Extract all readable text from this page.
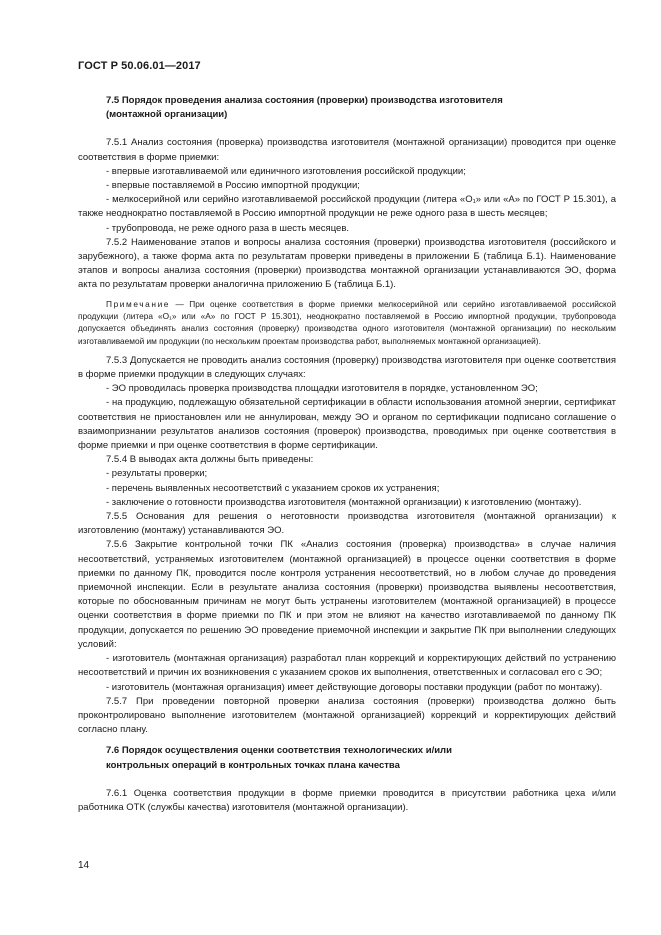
ГОСТ Р 50.06.01—2017

7.5 Порядок проведения анализа состояния (проверки) производства изготовителя
(монтажной организации)

7.5.1 Анализ состояния (проверка) производства изготовителя (монтажной организации) проводится при оценке соответствия в форме приемки:

- впервые изготавливаемой или единичного изготовления российской продукции;

- впервые поставляемой в Россию импортной продукции;

- мелкосерийной или серийно изготавливаемой российской продукции (литера «О₁» или «А» по ГОСТ Р 15.301), а также неоднократно поставляемой в Россию импортной продукции не реже одного раза в шесть месяцев;

- трубопровода, не реже одного раза в шесть месяцев.

7.5.2 Наименование этапов и вопросы анализа состояния (проверки) производства изготовителя (российского и зарубежного), а также форма акта по результатам проверки приведены в приложении Б (таблица Б.1). Наименование этапов и вопросы анализа состояния (проверки) производства монтажной организации устанавливаются ЭО, форма акта по результатам проверки аналогична приложению Б (таблица Б.1).

Примечание — При оценке соответствия в форме приемки мелкосерийной или серийно изготавливаемой российской продукции (литера «О₁» или «А» по ГОСТ Р 15.301), неоднократно поставляемой в Россию импортной продукции, трубопровода допускается объединять анализ состояния (проверку) производства одного изготовителя (монтажной организации) по нескольким изготавливаемой им продукции (по нескольким проектам производства работ, выполняемых монтажной организацией).

7.5.3 Допускается не проводить анализ состояния (проверку) производства изготовителя при оценке соответствия в форме приемки продукции в следующих случаях:

- ЭО проводилась проверка производства площадки изготовителя в порядке, установленном ЭО;

- на продукцию, подлежащую обязательной сертификации в области использования атомной энергии, сертификат соответствия не приостановлен или не аннулирован, между ЭО и органом по сертификации подписано соглашение о взаимопризнании результатов анализов состояния (проверок) производства, проводимых при оценке соответствия в форме приемки и при оценке соответствия в форме сертификации.

7.5.4 В выводах акта должны быть приведены:

- результаты проверки;

- перечень выявленных несоответствий с указанием сроков их устранения;

- заключение о готовности производства изготовителя (монтажной организации) к изготовлению (монтажу).

7.5.5 Основания для решения о неготовности производства изготовителя (монтажной организации) к изготовлению (монтажу) устанавливаются ЭО.

7.5.6 Закрытие контрольной точки ПК «Анализ состояния (проверка) производства» в случае наличия несоответствий, устраняемых изготовителем (монтажной организацией) в процессе оценки соответствия в форме приемки по данному ПК, проводится после контроля устранения несоответствий, но в любом случае до проведения приемочной инспекции. Если в результате анализа состояния (проверки) производства выявлены несоответствия, которые по обоснованным причинам не могут быть устранены изготовителем (монтажной организацией) в процессе оценки соответствия в форме приемки по ПК и при этом не влияют на качество изготавливаемой по данному ПК продукции, допускается по решению ЭО проведение приемочной инспекции и закрытие ПК при выполнении следующих условий:

- изготовитель (монтажная организация) разработал план коррекций и корректирующих действий по устранению несоответствий и причин их возникновения с указанием сроков их выполнения, ответственных и согласовал его с ЭО;

- изготовитель (монтажная организация) имеет действующие договоры поставки продукции (работ по монтажу).

7.5.7 При проведении повторной проверки анализа состояния (проверки) производства должно быть проконтролировано выполнение изготовителем (монтажной организацией) коррекций и корректирующих действий согласно плану.

7.6 Порядок осуществления оценки соответствия технологических и/или
контрольных операций в контрольных точках плана качества

7.6.1 Оценка соответствия продукции в форме приемки проводится в присутствии работника цеха и/или работника ОТК (службы качества) изготовителя (монтажной организации).

14
